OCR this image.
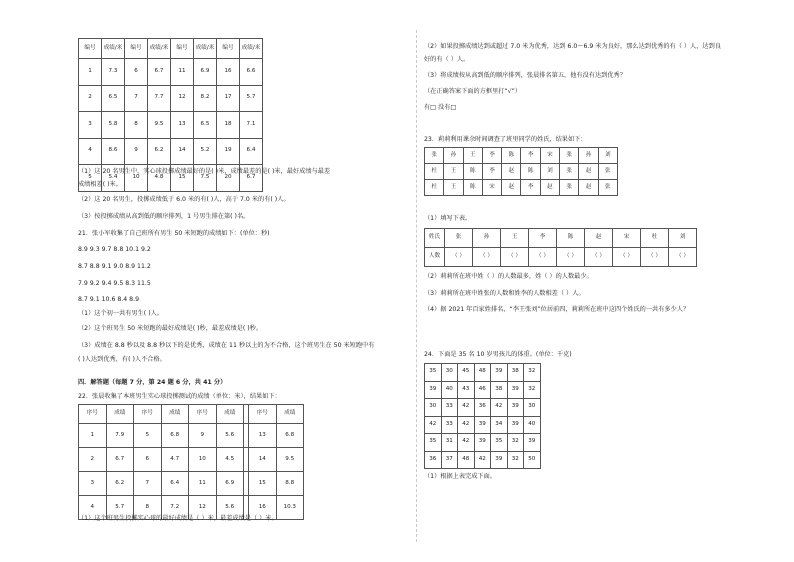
编号	成绩/米	编号	成绩/米	编号	成绩/米	编号	成绩/米
1	7.3	6	6.7	11	6.9	16	6.6
2	6.5	7	7.7	12	8.2	17	5.7
3	5.8	8	9.5	13	6.5	18	7.1
4	8.6	9	6.2	14	5.2	19	6.4
5	5.4	10	4.8	15	7.5	20	6.7
（1）这 20 名男生中，实心球投掷成绩最好的是( )米，成绩最差的是( )米，最好成绩与最差
成绩相差( )米。
（2）这 20 名男生，投掷成绩低于 6.0 米的有( )人，高于 7.0 米的有( )人。
（3）按投掷成绩从高到低的顺序排列，1 号男生排在第( )名。
21．张小军收集了自己班所有男生 50 米短跑的成绩如下：(单位：秒)
8.9 9.3 9.7 8.8 10.1 9.2
8.7 8.8 9.1 9.0 8.9 11.2
7.9 9.2 9.4 9.5 8.3 11.5
8.7 9.1 10.6 8.4 8.9
（1）这个初一共有男生( )人。
（2）这个班男生 50 米短跑的最好成绩是( )秒，最差成绩是( )秒。
（3）成绩在 8.8 秒以及 8.8 秒以下的是优秀，成绩在 11 秒以上的为不合格，这个班男生在 50 米短跑中有
( )人达到优秀，有( )人不合格。
四．解答题（每题 7 分，第 24 题 6 分，共 41 分）
22．张晨收集了本班男生实心球投掷测试的成绩（单位：米），结果如下：
序号	成绩	序号	成绩	序号	成绩		序号	成绩
1	7.9	5	6.8	9	5.6		13	6.8
2	6.7	6	4.7	10	4.5		14	9.5
3	6.2	7	6.4	11	6.9		15	8.8
4	5.7	8	7.2	12	5.6		16	10.3
（1）这个班男生投掷实心球的最好成绩是（ ）米，最差成绩是（ ）米。
（2）如果投掷成绩达到或超过 7.0 米为优秀，达到 6.0～6.9 米为良好，那么达到优秀的有（ ）人，达到良
好的有（ ）人。
（3）将成绩按从高到低的顺序排列，张晨排名第五，他有没有达到优秀？
（在正确答案下面的方框里打“√”）
有□ 没有□
23．莉莉利用课余时间调查了班里同学的姓氏，结果如下：
张	孙	王	李	陈	李	宋	张	孙	刘
杜	王	陈	李	赵	陈	刘	张	赵	张
杜	王	陈	宋	赵	李	赵	张	赵	张
（1）填写下表。
姓氏	张	孙	王	李	陈	赵	宋	杜	刘
人数	（ ）	（ ）	（ ）	（ ）	（ ）	（ ）	（ ）	（ ）	（ ）
（2）莉莉所在班中姓（ ）的人数最多，姓（ ）的人数最少。
（3）莉莉所在班中姓张的人数和姓李的人数相差（ ）人。
（4）据 2021 年百家姓排名，“李王张刘”位居前四，莉莉所在班中这四个姓氏的一共有多少人？
24．下面是 35 名 10 岁男孩儿的体重。(单位：千克)
35	30	45	48	39	38	32
39	40	43	46	38	39	32
30	33	42	36	42	39	30
42	33	42	39	34	39	40
35	31	42	39	35	32	39
36	37	48	42	39	32	50
（1）根据上表完成下面。
